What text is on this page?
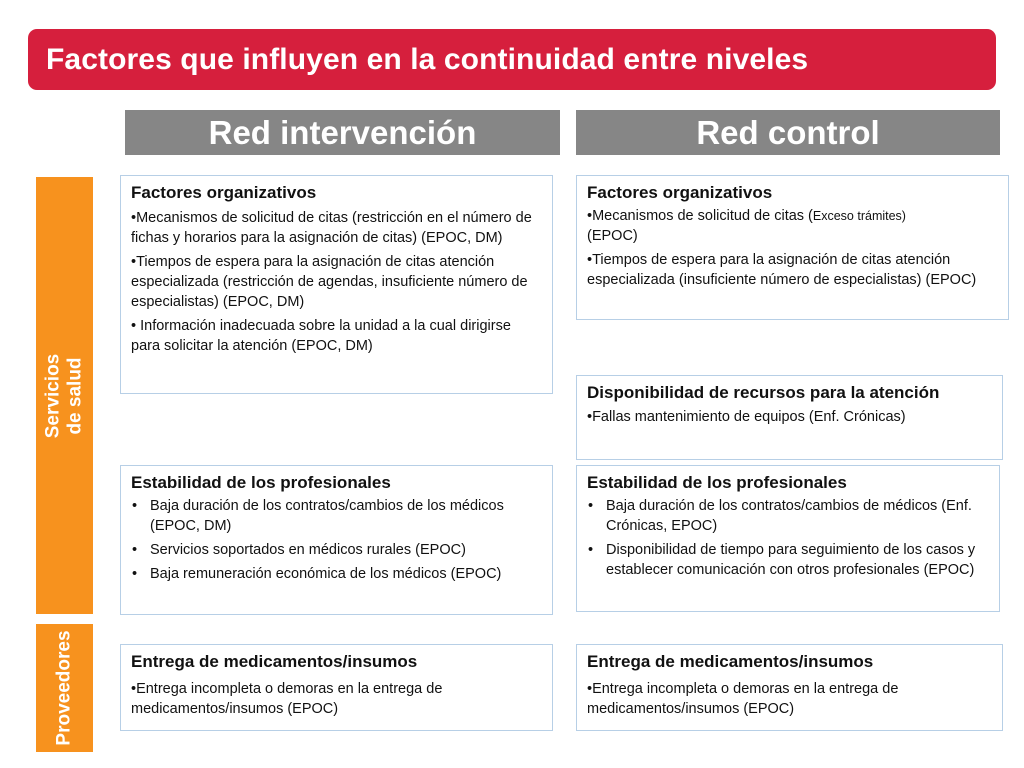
Factores que influyen en la continuidad entre niveles
Red intervención	Red control
Servicios de salud
Proveedores
Factores organizativos
•Mecanismos de solicitud de citas (restricción en el número de fichas y horarios para la asignación de citas) (EPOC, DM)
•Tiempos de espera para la asignación de citas atención especializada (restricción de agendas, insuficiente número de especialistas) (EPOC, DM)
• Información inadecuada sobre la unidad a la cual dirigirse para solicitar la atención (EPOC, DM)
Estabilidad de los profesionales
• Baja duración de los contratos/cambios de los médicos (EPOC, DM)
• Servicios soportados en médicos rurales (EPOC)
• Baja remuneración económica de los médicos (EPOC)
Entrega de medicamentos/insumos
•Entrega incompleta o demoras en la entrega de medicamentos/insumos (EPOC)
Factores organizativos
•Mecanismos de solicitud de citas (Exceso trámites)
(EPOC)
•Tiempos de espera para la asignación de citas atención especializada (insuficiente número de especialistas) (EPOC)
Disponibilidad de recursos para la atención
•Fallas mantenimiento de equipos (Enf. Crónicas)
Estabilidad de los profesionales
• Baja duración de los contratos/cambios de médicos (Enf. Crónicas, EPOC)
• Disponibilidad de tiempo para seguimiento de los casos y establecer comunicación con otros profesionales (EPOC)
Entrega de medicamentos/insumos
•Entrega incompleta o demoras en la entrega de medicamentos/insumos (EPOC)
